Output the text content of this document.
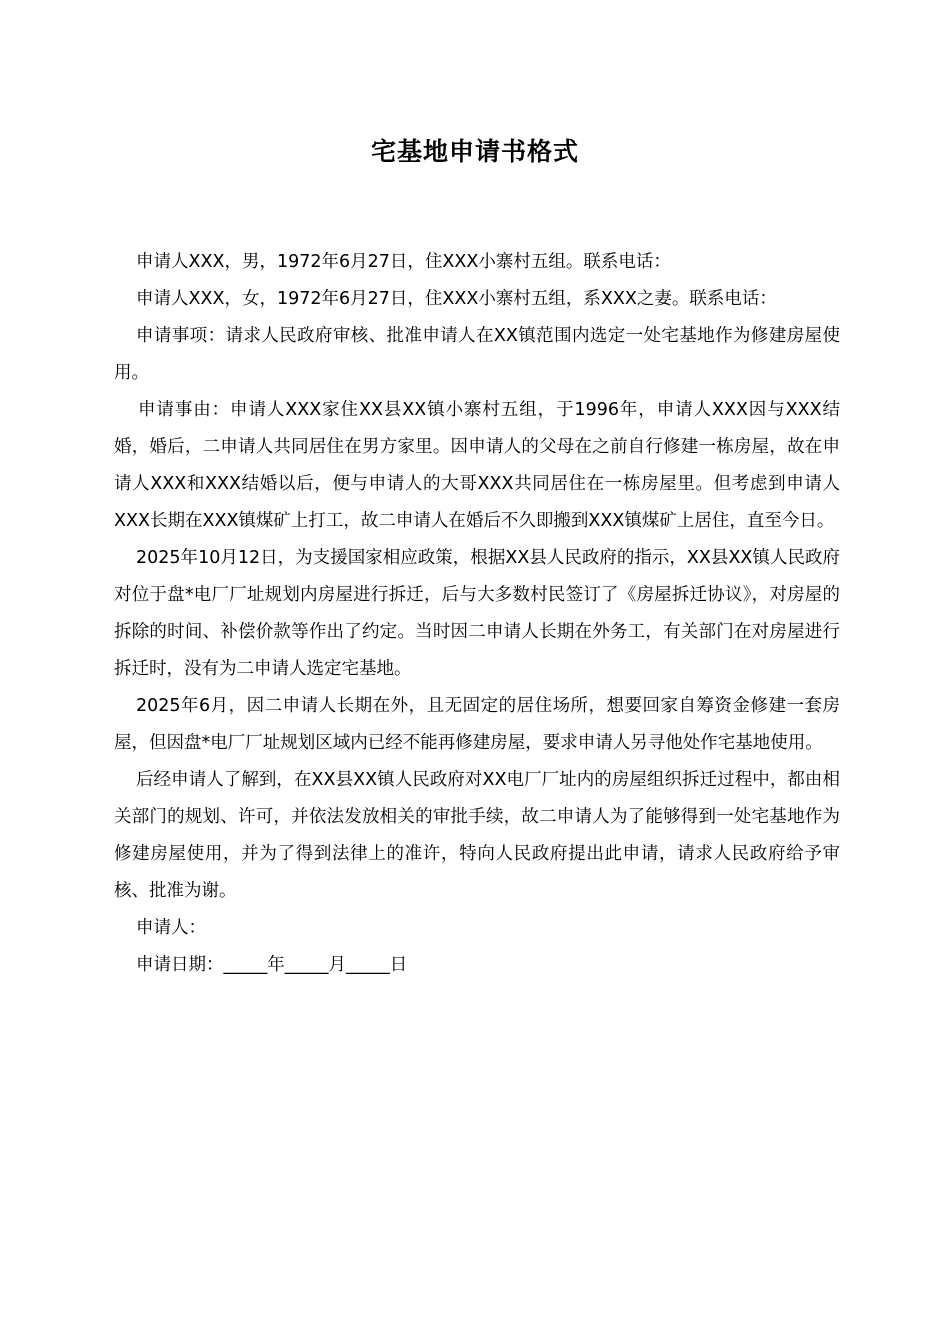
宅基地申请书格式

申请人XXX，男，1972年6月27日，住XXX小寨村五组。联系电话：

申请人XXX，女，1972年6月27日，住XXX小寨村五组，系XXX之妻。联系电话：

申请事项：请求人民政府审核、批准申请人在XX镇范围内选定一处宅基地作为修建房屋使用。

申请事由：申请人XXX家住XX县XX镇小寨村五组，于1996年，申请人XXX因与XXX结婚，婚后，二申请人共同居住在男方家里。因申请人的父母在之前自行修建一栋房屋，故在申请人XXX和XXX结婚以后，便与申请人的大哥XXX共同居住在一栋房屋里。但考虑到申请人XXX长期在XXX镇煤矿上打工，故二申请人在婚后不久即搬到XXX镇煤矿上居住，直至今日。

2025年10月12日，为支援国家相应政策，根据XX县人民政府的指示，XX县XX镇人民政府对位于盘*电厂厂址规划内房屋进行拆迁，后与大多数村民签订了《房屋拆迁协议》，对房屋的拆除的时间、补偿价款等作出了约定。当时因二申请人长期在外务工，有关部门在对房屋进行拆迁时，没有为二申请人选定宅基地。

2025年6月，因二申请人长期在外，且无固定的居住场所，想要回家自筹资金修建一套房屋，但因盘*电厂厂址规划区域内已经不能再修建房屋，要求申请人另寻他处作宅基地使用。

后经申请人了解到，在XX县XX镇人民政府对XX电厂厂址内的房屋组织拆迁过程中，都由相关部门的规划、许可，并依法发放相关的审批手续，故二申请人为了能够得到一处宅基地作为修建房屋使用，并为了得到法律上的准许，特向人民政府提出此申请，请求人民政府给予审核、批准为谢。

申请人：

申请日期：_____年_____月_____日
